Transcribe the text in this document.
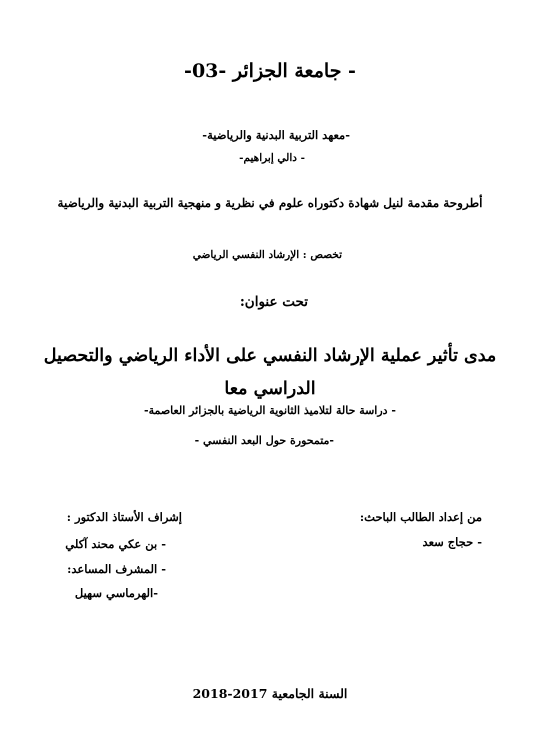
- جامعة الجزائر -03-
-معهد التربية البدنية والرياضية-
- دالي إبراهيم-
أطروحة مقدمة لنيل شهادة دكتوراه علوم في نظرية و منهجية التربية البدنية والرياضية
تخصص : الإرشاد النفسي الرياضي
تحت عنوان:
مدى تأثير عملية الإرشاد النفسي على الأداء الرياضي والتحصيل
الدراسي معا
- دراسة حالة لتلاميذ الثانوية الرياضية بالجزائر العاصمة-
-متمحورة حول البعد النفسي -
من إعداد الطالب الباحث:
- حجاج سعد
إشراف الأستاذ الدكتور :
- بن عكي محند آكلي
- المشرف المساعد:
-الهرماسي سهيل
السنة الجامعية 2017-2018
